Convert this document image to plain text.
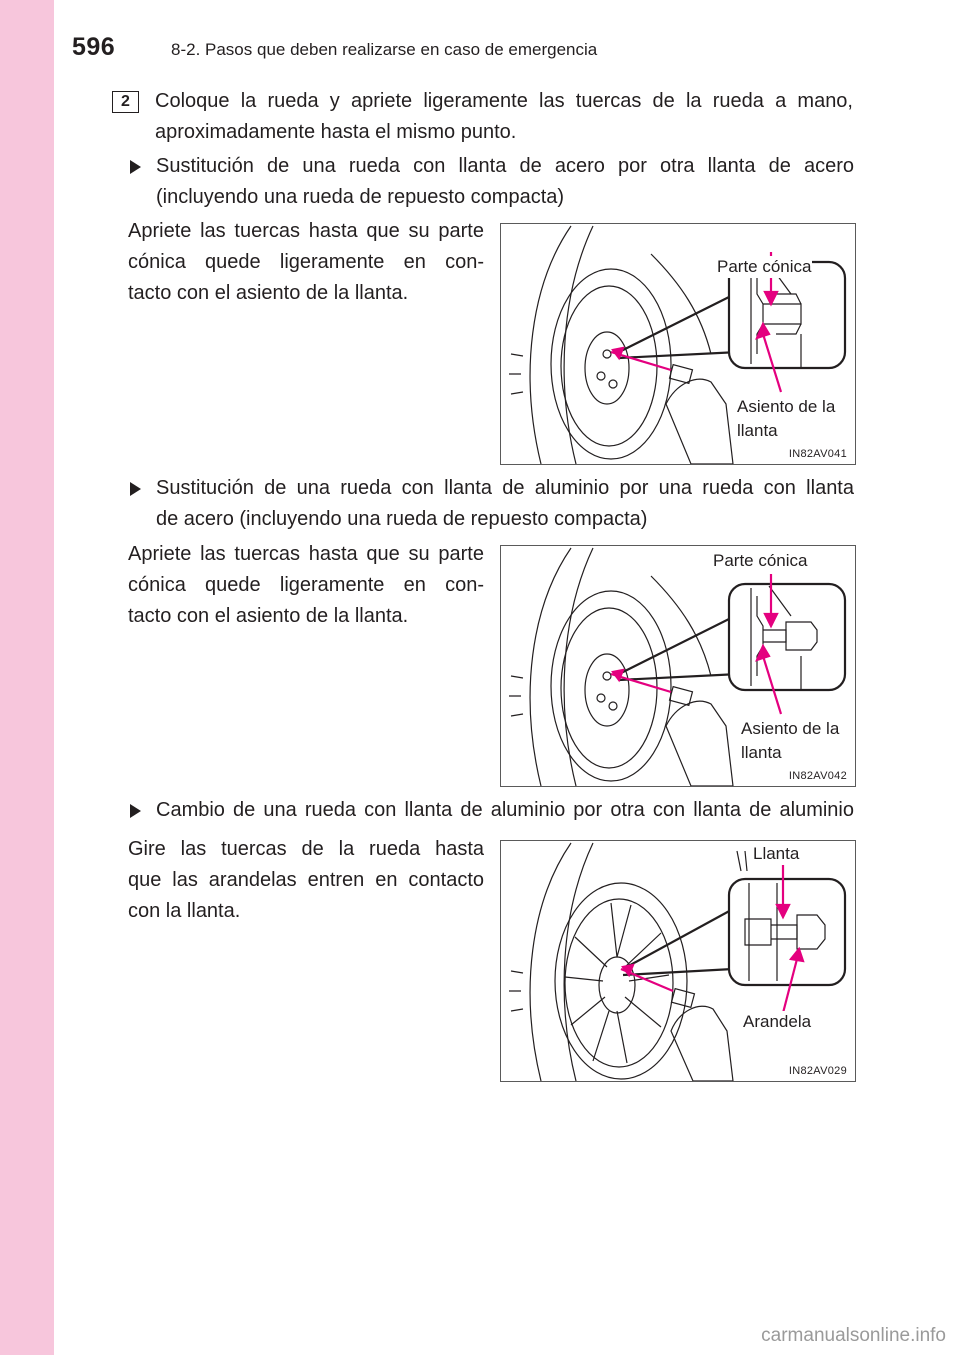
596	8-2. Pasos que deben realizarse en caso de emergencia
2	Coloque la rueda y apriete ligeramente las tuercas de la rueda a mano,
aproximadamente hasta el mismo punto.
Sustitución de una rueda con llanta de acero por otra llanta de acero
(incluyendo una rueda de repuesto compacta)
Apriete las tuercas hasta que su parte
cónica quede ligeramente en con-
tacto con el asiento de la llanta.
Parte cónica
Asiento de la
llanta
IN82AV041
Sustitución de una rueda con llanta de aluminio por una rueda con llanta
de acero (incluyendo una rueda de repuesto compacta)
Apriete las tuercas hasta que su parte
cónica quede ligeramente en con-
tacto con el asiento de la llanta.
Parte cónica
Asiento de la
llanta
IN82AV042
Cambio de una rueda con llanta de aluminio por otra con llanta de aluminio
Gire las tuercas de la rueda hasta
que las arandelas entren en contacto
con la llanta.
Llanta
Arandela
IN82AV029
carmanualsonline.info
